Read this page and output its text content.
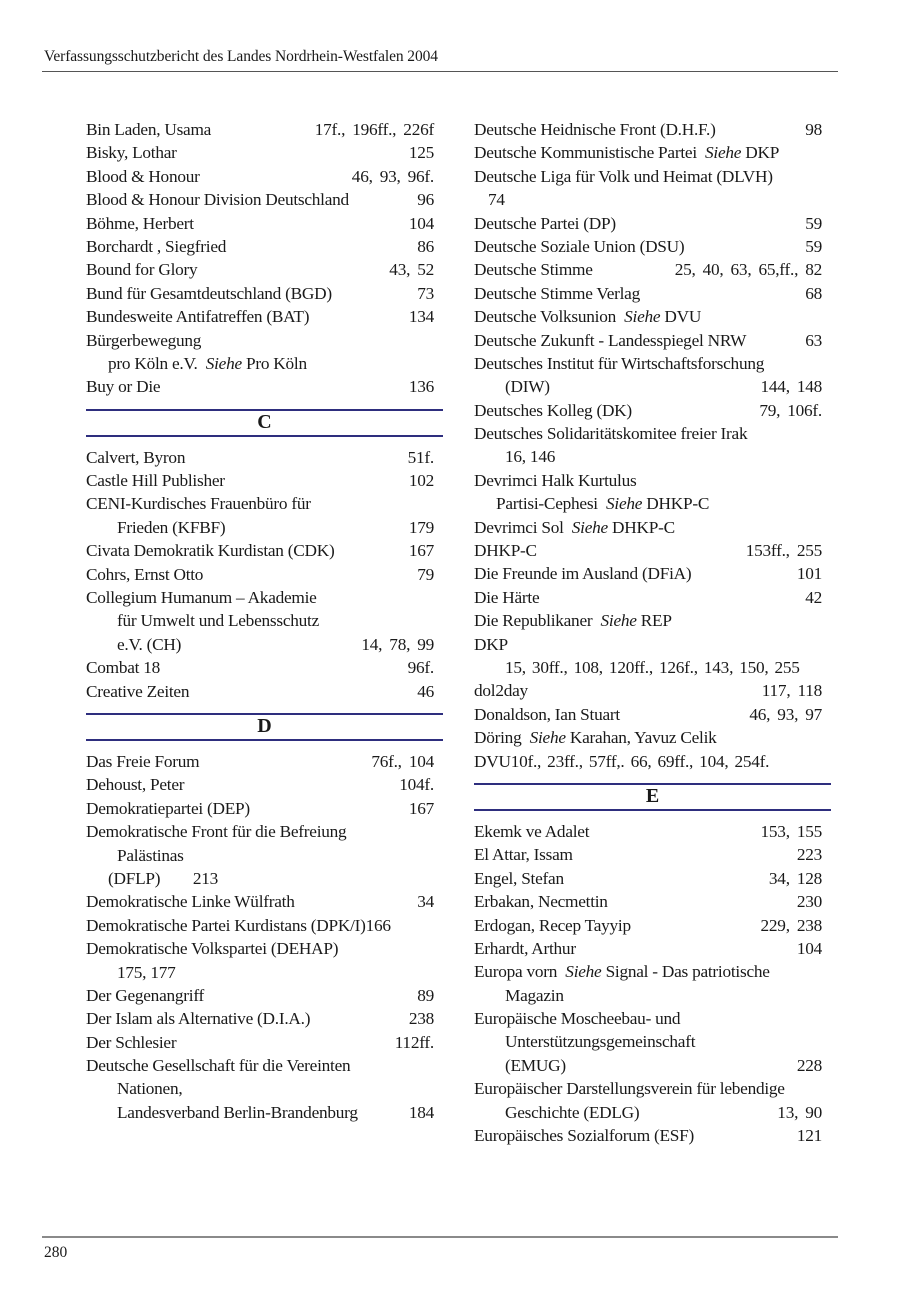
Verfassungsschutzbericht des Landes Nordrhein-Westfalen 2004
Bin Laden, Usama	17f., 196ff., 226f
Bisky, Lothar	125
Blood & Honour	46, 93, 96f.
Blood & Honour Division Deutschland	96
Böhme, Herbert	104
Borchardt , Siegfried	86
Bound for Glory	43, 52
Bund für Gesamtdeutschland (BGD)	73
Bundesweite Antifatreffen (BAT)	134
Bürgerbewegung
pro Köln e.V. Siehe Pro Köln
Buy or Die	136
C
Calvert, Byron	51f.
Castle Hill Publisher	102
CENI-Kurdisches Frauenbüro für
Frieden (KFBF)	179
Civata Demokratik Kurdistan (CDK)	167
Cohrs, Ernst Otto	79
Collegium Humanum – Akademie
für Umwelt und Lebensschutz
e.V. (CH)	14, 78, 99
Combat 18	96f.
Creative Zeiten	46
D
Das Freie Forum	76f., 104
Dehoust, Peter	104f.
Demokratiepartei (DEP)	167
Demokratische Front für die Befreiung
Palästinas
(DFLP)        213
Demokratische Linke Wülfrath	34
Demokratische Partei Kurdistans (DPK/I)166
Demokratische Volkspartei (DEHAP)
175, 177
Der Gegenangriff	89
Der Islam als Alternative (D.I.A.)	238
Der Schlesier	112ff.
Deutsche Gesellschaft für die Vereinten
Nationen,
Landesverband Berlin-Brandenburg	184
Deutsche Heidnische Front (D.H.F.)	98
Deutsche Kommunistische Partei Siehe DKP
Deutsche Liga für Volk und Heimat (DLVH)
74
Deutsche Partei (DP)	59
Deutsche Soziale Union (DSU)	59
Deutsche Stimme	25, 40, 63, 65,ff., 82
Deutsche Stimme Verlag	68
Deutsche Volksunion Siehe DVU
Deutsche Zukunft - Landesspiegel NRW	63
Deutsches Institut für Wirtschaftsforschung
(DIW)	144, 148
Deutsches Kolleg (DK)	79, 106f.
Deutsches Solidaritätskomitee freier Irak
16, 146
Devrimci Halk Kurtulus
Partisi-Cephesi Siehe DHKP-C
Devrimci Sol Siehe DHKP-C
DHKP-C	153ff., 255
Die Freunde im Ausland (DFiA)	101
Die Härte	42
Die Republikaner Siehe REP
DKP
15, 30ff., 108, 120ff., 126f., 143, 150, 255
dol2day	117, 118
Donaldson, Ian Stuart	46, 93, 97
Döring Siehe Karahan, Yavuz Celik
DVU10f., 23ff., 57ff,. 66, 69ff., 104, 254f.
E
Ekemk ve Adalet	153, 155
El Attar, Issam	223
Engel, Stefan	34, 128
Erbakan, Necmettin	230
Erdogan, Recep Tayyip	229, 238
Erhardt, Arthur	104
Europa vorn Siehe Signal - Das patriotische
Magazin
Europäische Moscheebau- und
Unterstützungsgemeinschaft
(EMUG)	228
Europäischer Darstellungsverein für lebendige
Geschichte (EDLG)	13, 90
Europäisches Sozialforum (ESF)	121
280
